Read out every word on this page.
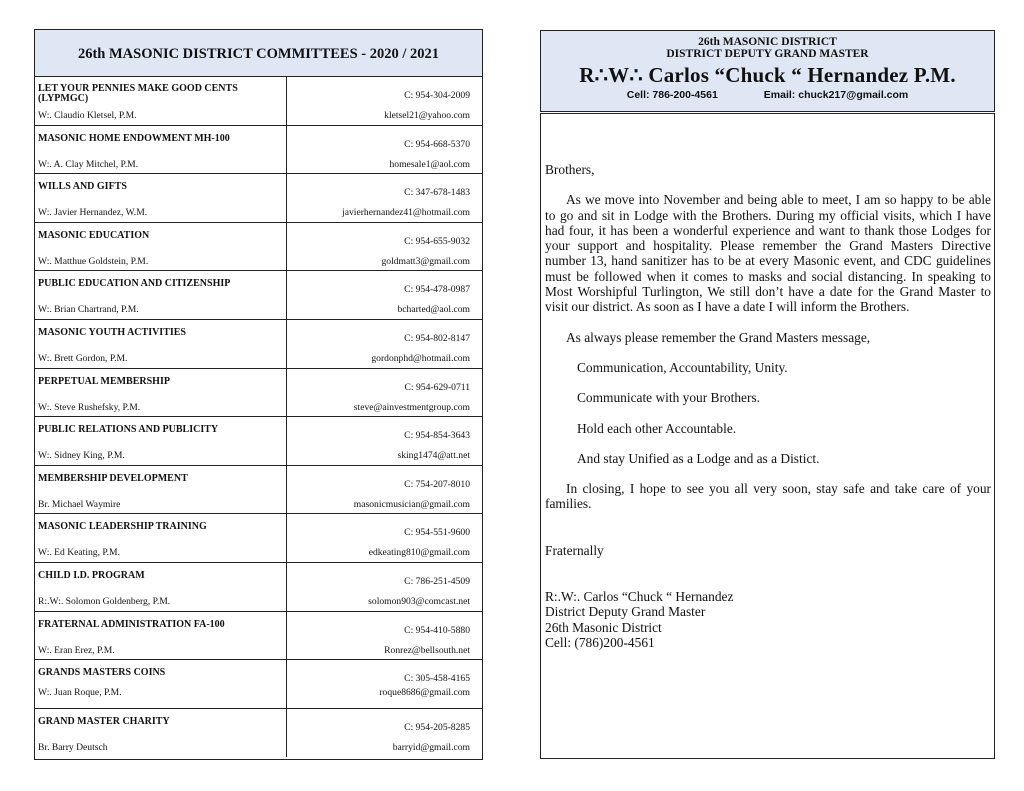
26th MASONIC DISTRICT COMMITTEES - 2020 / 2021
LET YOUR PENNIES MAKE GOOD CENTS (LYPMGC)
W:. Claudio Kletsel, P.M.
C: 954-304-2009
kletsel21@yahoo.com
MASONIC HOME ENDOWMENT MH-100
W:. A. Clay Mitchel, P.M.
C: 954-668-5370
homesale1@aol.com
WILLS AND GIFTS
W:. Javier Hernandez, W.M.
C: 347-678-1483
javierhernandez41@hotmail.com
MASONIC EDUCATION
W:. Matthue Goldstein, P.M.
C: 954-655-9032
goldmatt3@gmail.com
PUBLIC EDUCATION AND CITIZENSHIP
W:. Brian Chartrand, P.M.
C: 954-478-0987
bcharted@aol.com
MASONIC YOUTH ACTIVITIES
W:. Brett Gordon, P.M.
C: 954-802-8147
gordonphd@hotmail.com
PERPETUAL MEMBERSHIP
W:. Steve Rushefsky, P.M.
C: 954-629-0711
steve@ainvestmentgroup.com
PUBLIC RELATIONS AND PUBLICITY
W:. Sidney King, P.M.
C: 954-854-3643
sking1474@att.net
MEMBERSHIP DEVELOPMENT
Br. Michael Waymire
C: 754-207-8010
masonicmusician@gmail.com
MASONIC LEADERSHIP TRAINING
W:. Ed Keating, P.M.
C: 954-551-9600
edkeating810@gmail.com
CHILD I.D. PROGRAM
R:.W:. Solomon Goldenberg, P.M.
C: 786-251-4509
solomon903@comcast.net
FRATERNAL ADMINISTRATION FA-100
W:. Eran Erez, P.M.
C: 954-410-5880
Ronrez@bellsouth.net
GRANDS MASTERS COINS
W:. Juan Roque, P.M.
C: 305-458-4165
roque8686@gmail.com
GRAND MASTER CHARITY
Br. Barry Deutsch
C: 954-205-8285
barryid@gmail.com
26th MASONIC DISTRICT
DISTRICT DEPUTY GRAND MASTER
R∴W∴ Carlos “Chuck “ Hernandez P.M.
Cell: 786-200-4561	Email: chuck217@gmail.com

Brothers,

As we move into November and being able to meet, I am so happy to be able to go and sit in Lodge with the Brothers. During my official visits, which I have had four, it has been a wonderful experience and want to thank those Lodges for your support and hospitality. Please remember the Grand Masters Directive number 13, hand sanitizer has to be at every Masonic event, and CDC guidelines must be followed when it comes to masks and social distancing. In speaking to Most Worshipful Turlington, We still don’t have a date for the Grand Master to visit our district. As soon as I have a date I will inform the Brothers.

As always please remember the Grand Masters message,

Communication, Accountability, Unity.

Communicate with your Brothers.

Hold each other Accountable.

And stay Unified as a Lodge and as a Distict.

In closing, I hope to see you all very soon, stay safe and take care of your families.

Fraternally

R:.W:. Carlos “Chuck “ Hernandez

District Deputy Grand Master

26th Masonic District

Cell: (786)200-4561
